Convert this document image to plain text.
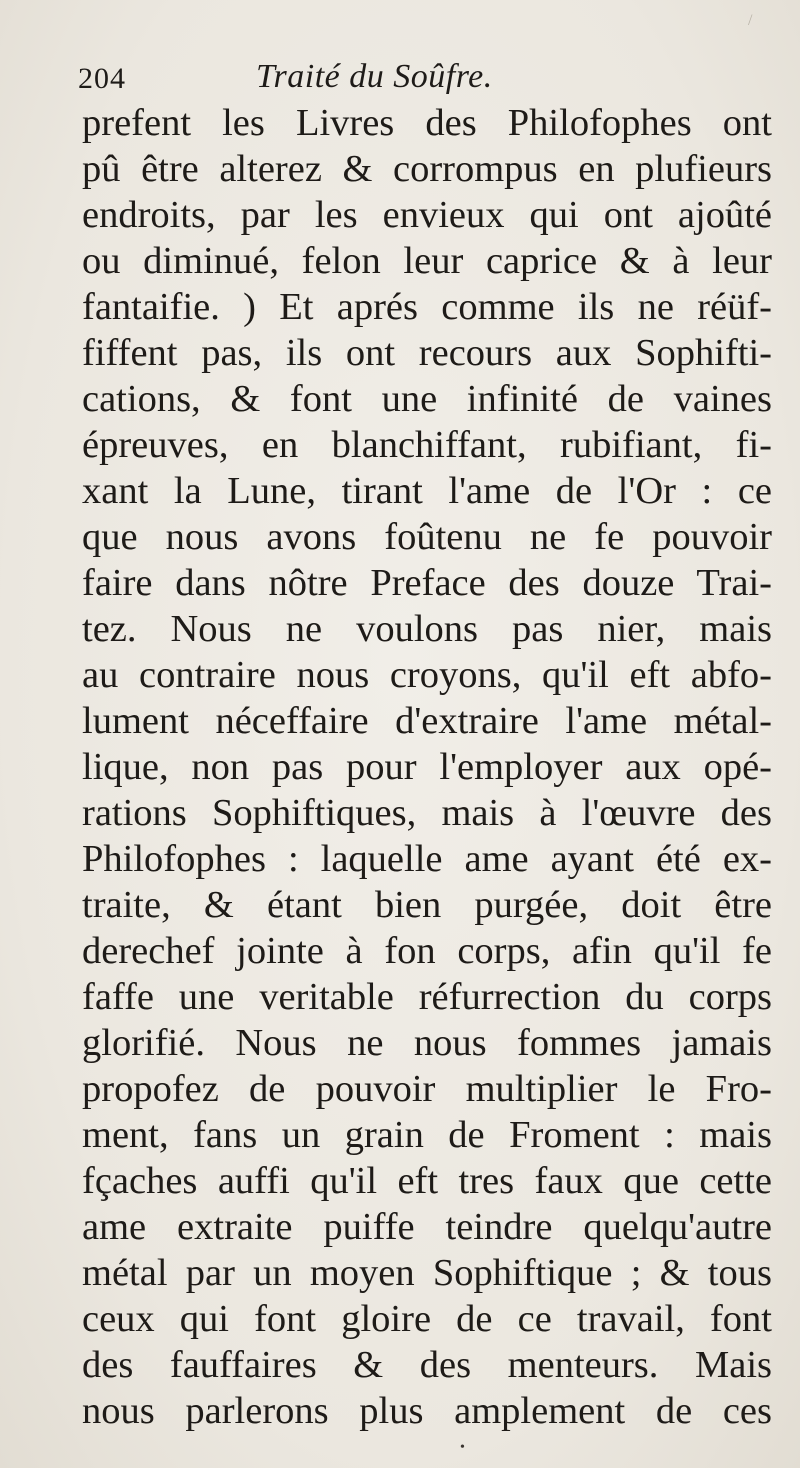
/
204	Traité du Soûfre.
prefent les Livres des Philofophes ont
pû être alterez & corrompus en plufieurs
endroits, par les envieux qui ont ajoûté
ou diminué, felon leur caprice & à leur
fantaifie. ) Et aprés comme ils ne réüf-
fiffent pas, ils ont recours aux Sophifti-
cations, & font une infinité de vaines
épreuves, en blanchiffant, rubifiant, fi-
xant la Lune, tirant l'ame de l'Or : ce
que nous avons foûtenu ne fe pouvoir
faire dans nôtre Preface des douze Trai-
tez. Nous ne voulons pas nier, mais
au contraire nous croyons, qu'il eft abfo-
lument néceffaire d'extraire l'ame métal-
lique, non pas pour l'employer aux opé-
rations Sophiftiques, mais à l'œuvre des
Philofophes : laquelle ame ayant été ex-
traite, & étant bien purgée, doit être
derechef jointe à fon corps, afin qu'il fe
faffe une veritable réfurrection du corps
glorifié. Nous ne nous fommes jamais
propofez de pouvoir multiplier le Fro-
ment, fans un grain de Froment : mais
fçaches auffi qu'il eft tres faux que cette
ame extraite puiffe teindre quelqu'autre
métal par un moyen Sophiftique ; & tous
ceux qui font gloire de ce travail, font
des fauffaires & des menteurs. Mais
nous parlerons plus amplement de ces
•
